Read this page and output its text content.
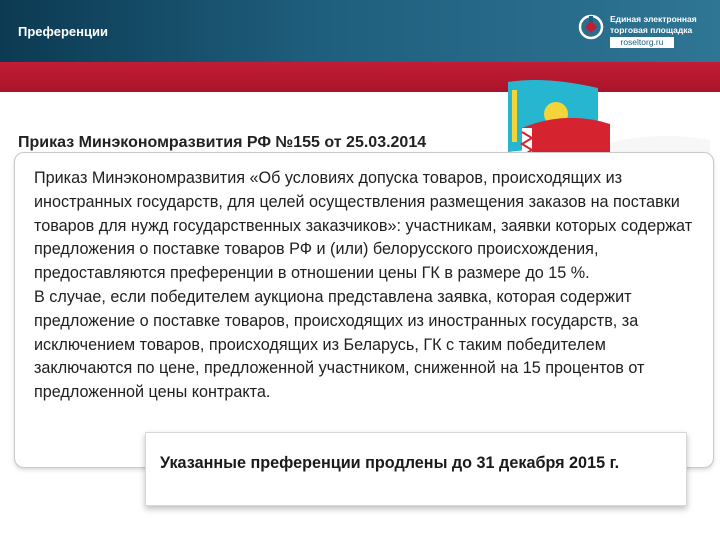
Преференции
Единая электронная
торговая площадка
roseltorg.ru
Приказ Минэкономразвития РФ №155 от 25.03.2014

Приказ Минэкономразвития «Об условиях допуска товаров, происходящих из иностранных государств, для целей осуществления размещения заказов на поставки товаров для нужд государственных заказчиков»: участникам, заявки которых содержат предложения о поставке товаров РФ и (или) белорусского происхождения, предоставляются преференции в отношении цены ГК в размере до 15 %.

В случае, если победителем аукциона представлена заявка, которая содержит предложение о поставке товаров, происходящих из иностранных государств, за исключением товаров, происходящих из Беларусь, ГК с таким победителем заключаются по цене, предложенной участником, сниженной на 15 процентов от предложенной цены контракта.

Указанные преференции продлены до 31 декабря 2015 г.
